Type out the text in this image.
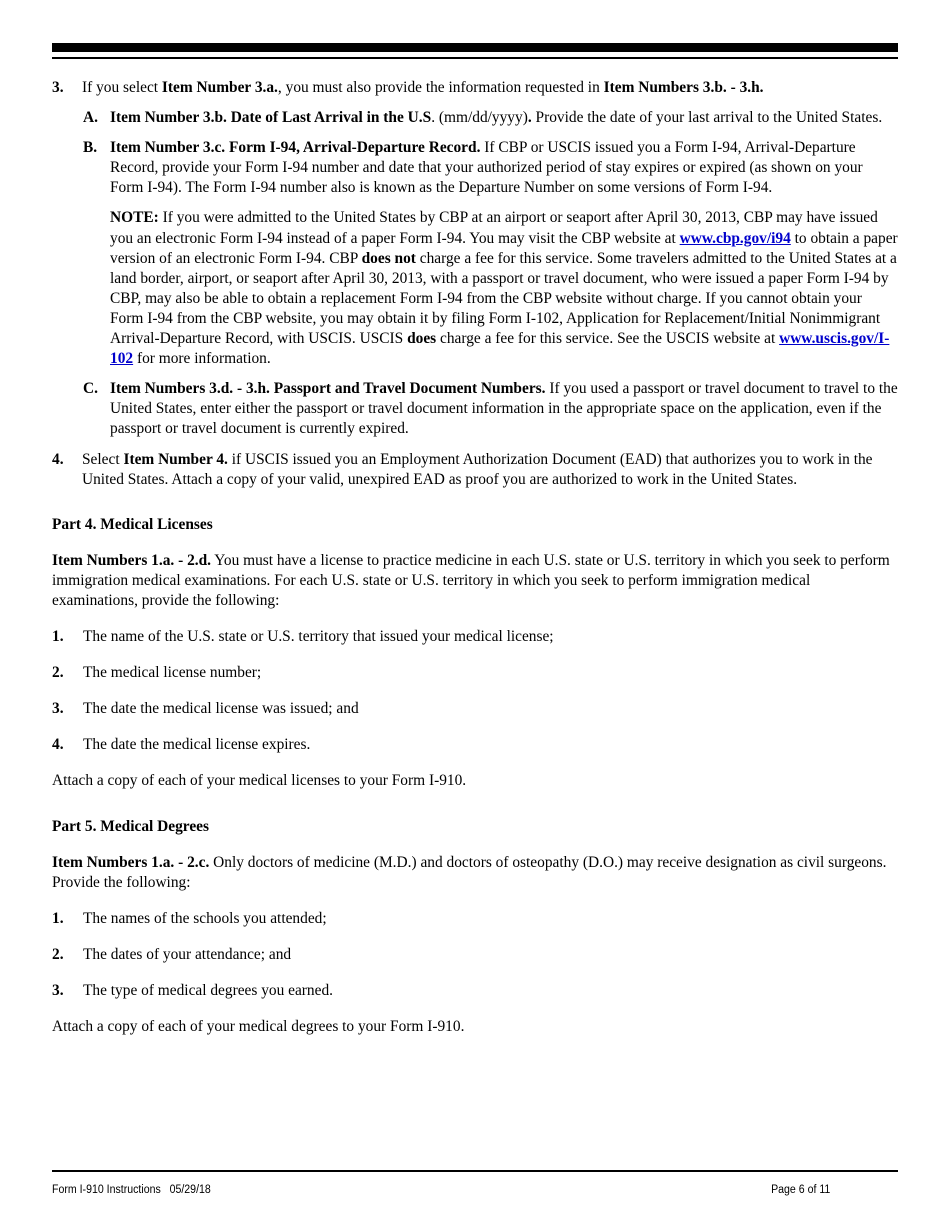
3.	If you select Item Number 3.a., you must also provide the information requested in Item Numbers 3.b. - 3.h.
A. Item Number 3.b. Date of Last Arrival in the U.S. (mm/dd/yyyy). Provide the date of your last arrival to the United States.
B. Item Number 3.c. Form I-94, Arrival-Departure Record. If CBP or USCIS issued you a Form I-94, Arrival-Departure Record, provide your Form I-94 number and date that your authorized period of stay expires or expired (as shown on your Form I-94). The Form I-94 number also is known as the Departure Number on some versions of Form I-94.
NOTE: If you were admitted to the United States by CBP at an airport or seaport after April 30, 2013, CBP may have issued you an electronic Form I-94 instead of a paper Form I-94. You may visit the CBP website at www.cbp.gov/i94 to obtain a paper version of an electronic Form I-94. CBP does not charge a fee for this service. Some travelers admitted to the United States at a land border, airport, or seaport after April 30, 2013, with a passport or travel document, who were issued a paper Form I-94 by CBP, may also be able to obtain a replacement Form I-94 from the CBP website without charge. If you cannot obtain your Form I-94 from the CBP website, you may obtain it by filing Form I-102, Application for Replacement/Initial Nonimmigrant Arrival-Departure Record, with USCIS. USCIS does charge a fee for this service. See the USCIS website at www.uscis.gov/I-102 for more information.
C. Item Numbers 3.d. - 3.h. Passport and Travel Document Numbers. If you used a passport or travel document to travel to the United States, enter either the passport or travel document information in the appropriate space on the application, even if the passport or travel document is currently expired.
4.	Select Item Number 4. if USCIS issued you an Employment Authorization Document (EAD) that authorizes you to work in the United States. Attach a copy of your valid, unexpired EAD as proof you are authorized to work in the United States.
Part 4. Medical Licenses
Item Numbers 1.a. - 2.d. You must have a license to practice medicine in each U.S. state or U.S. territory in which you seek to perform immigration medical examinations. For each U.S. state or U.S. territory in which you seek to perform immigration medical examinations, provide the following:
1.	The name of the U.S. state or U.S. territory that issued your medical license;
2.	The medical license number;
3.	The date the medical license was issued; and
4.	The date the medical license expires.
Attach a copy of each of your medical licenses to your Form I-910.
Part 5. Medical Degrees
Item Numbers 1.a. - 2.c. Only doctors of medicine (M.D.) and doctors of osteopathy (D.O.) may receive designation as civil surgeons. Provide the following:
1.	The names of the schools you attended;
2.	The dates of your attendance; and
3.	The type of medical degrees you earned.
Attach a copy of each of your medical degrees to your Form I-910.
Form I-910 Instructions   05/29/18	Page 6 of 11
